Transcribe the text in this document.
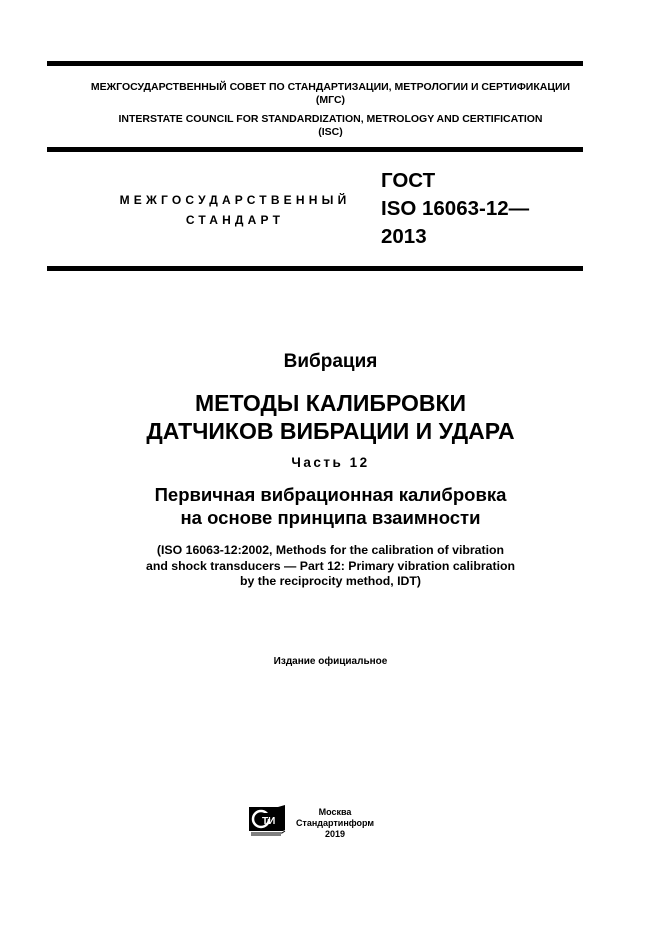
МЕЖГОСУДАРСТВЕННЫЙ СОВЕТ ПО СТАНДАРТИЗАЦИИ, МЕТРОЛОГИИ И СЕРТИФИКАЦИИ
(МГС)
INTERSTATE COUNCIL FOR STANDARDIZATION, METROLOGY AND CERTIFICATION
(ISC)
МЕЖГОСУДАРСТВЕННЫЙ
СТАНДАРТ
ГОСТ
ISO 16063-12—
2013
Вибрация
МЕТОДЫ КАЛИБРОВКИ
ДАТЧИКОВ ВИБРАЦИИ И УДАРА
Часть 12
Первичная вибрационная калибровка
на основе принципа взаимности
(ISO 16063-12:2002, Methods for the calibration of vibration
and shock transducers — Part 12: Primary vibration calibration
by the reciprocity method, IDT)
Издание официальное
ТИ
Москва
Стандартинформ
2019
